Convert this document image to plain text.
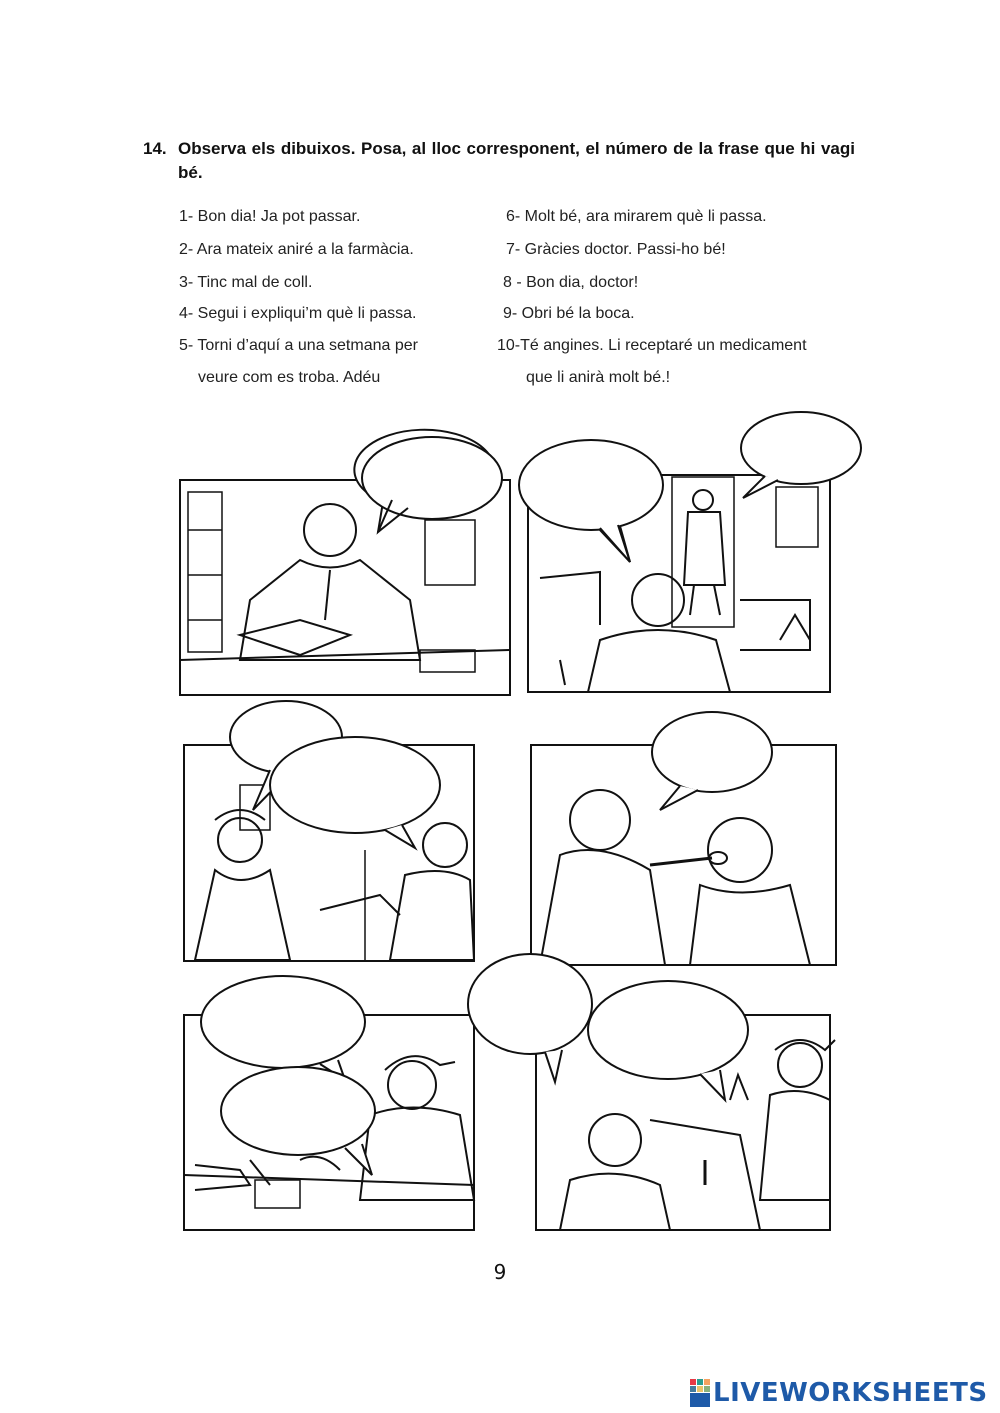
14. Observa els dibuixos. Posa, al lloc corresponent, el número de la frase que hi vagi bé.
1- Bon dia! Ja pot passar.
2- Ara mateix aniré a la farmàcia.
3- Tinc mal de coll.
4- Segui i expliqui’m què li passa.
5- Torni d’aquí a una setmana per
veure com es troba. Adéu
6- Molt bé, ara mirarem què li passa.
7- Gràcies doctor. Passi-ho bé!
8 - Bon dia, doctor!
9- Obri bé la boca.
10-Té angines. Li receptaré un medicament
que li anirà molt bé.!
9
LIVEWORKSHEETS
